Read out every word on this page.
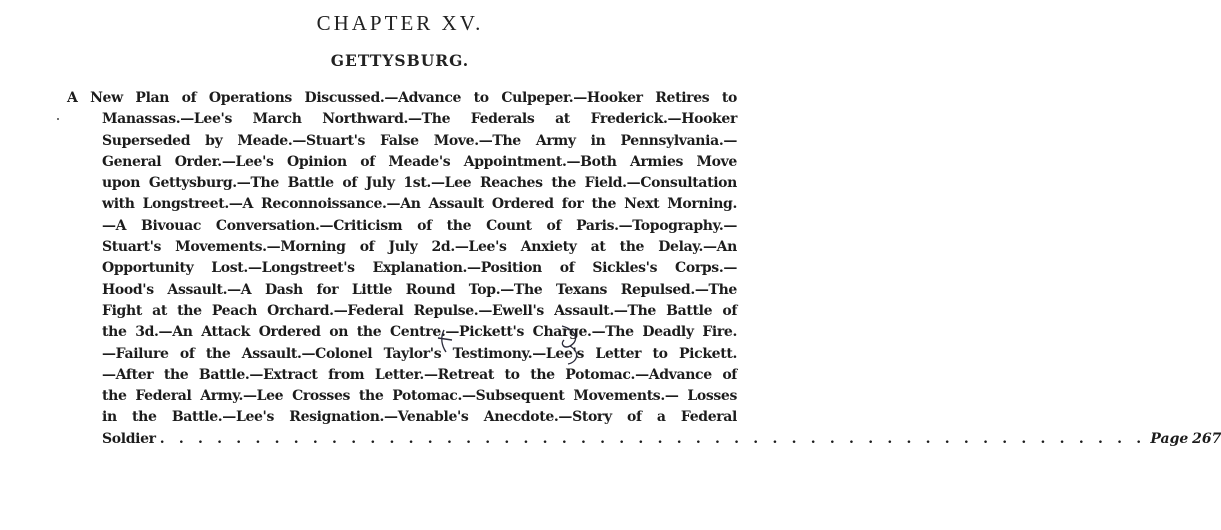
CHAPTER XV.
GETTYSBURG.
A New Plan of Operations Discussed.—Advance to Culpeper.—Hooker Retires to
Manassas.—Lee's March Northward.—The Federals at Frederick.—Hooker
Superseded by Meade.—Stuart's False Move.—The Army in Pennsylvania.—
General Order.—Lee's Opinion of Meade's Appointment.—Both Armies Move
upon Gettysburg.—The Battle of July 1st.—Lee Reaches the Field.—Consultation
with Longstreet.—A Reconnoissance.—An Assault Ordered for the Next Morning.
—A Bivouac Conversation.—Criticism of the Count of Paris.—Topography.—
Stuart's Movements.—Morning of July 2d.—Lee's Anxiety at the Delay.—An
Opportunity Lost.—Longstreet's Explanation.—Position of Sickles's Corps.—
Hood's Assault.—A Dash for Little Round Top.—The Texans Repulsed.—The
Fight at the Peach Orchard.—Federal Repulse.—Ewell's Assault.—The Battle of
the 3d.—An Attack Ordered on the Centre.—Pickett's Charge.—The Deadly Fire.
—Failure of the Assault.—Colonel Taylor's Testimony.—Lee's Letter to Pickett.
—After the Battle.—Extract from Letter.—Retreat to the Potomac.—Advance of
the Federal Army.—Lee Crosses the Potomac.—Subsequent Movements.— Losses
in the Battle.—Lee's Resignation.—Venable's Anecdote.—Story of a Federal
Soldier . . . . . . . . . . . . . . . . . . . . . . . . . . . . . . . . . . . . . . . . . . . . . . . . . . . . Page 267
